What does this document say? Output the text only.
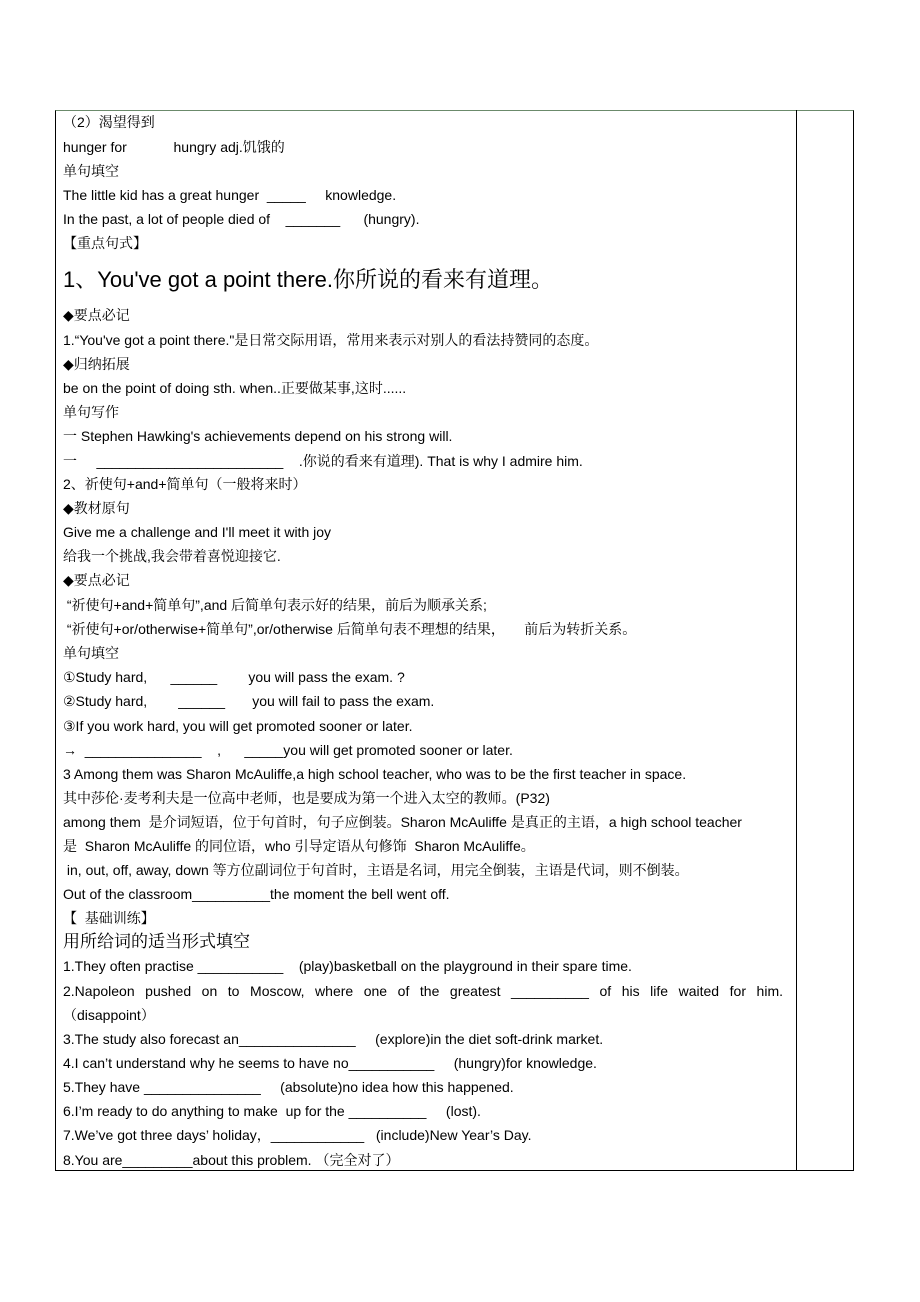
（2）渴望得到
hunger for            hungry adj.饥饿的
单句填空
The little kid has a great hunger  _____     knowledge.
In the past, a lot of people died of    _______      (hungry).
【重点句式】
1、You've got a point there.你所说的看来有道理。
◆要点必记
1.“You've got a point there."是日常交际用语，常用来表示对别人的看法持赞同的态度。
◆归纳拓展
be on the point of doing sth. when..正要做某事,这时......
单句写作
一 Stephen Hawking's achievements depend on his strong will.
一     ________________________    .你说的看来有道理). That is why I admire him.
2、祈使句+and+简单句（一般将来时）
◆教材原句
Give me a challenge and I'll meet it with joy
给我一个挑战,我会带着喜悦迎接它.
◆要点必记
“祈使句+and+简单句”,and 后简单句表示好的结果，前后为顺承关系;
“祈使句+or/otherwise+简单句”,or/otherwise 后简单句表不理想的结果，     前后为转折关系。
单句填空
①Study hard,      ______        you will pass the exam. ?
②Study hard,        ______       you will fail to pass the exam.
③If you work hard, you will get promoted sooner or later.
→  _______________    ,      _____you will get promoted sooner or later.
3 Among them was Sharon McAuliffe,a high school teacher, who was to be the first teacher in space.
其中莎伦·麦考利夫是一位高中老师，也是要成为第一个进入太空的教师。(P32)
among them  是介词短语，位于句首时，句子应倒装。Sharon McAuliffe 是真正的主语，a high school teacher
是  Sharon McAuliffe 的同位语，who 引导定语从句修饰  Sharon McAuliffe。
in, out, off, away, down 等方位副词位于句首时，主语是名词，用完全倒装，主语是代词，则不倒装。
Out of the classroom__________the moment the bell went off.
【  基础训练】
用所给词的适当形式填空
1.They often practise ___________    (play)basketball on the playground in their spare time.
2.Napoleon pushed on to Moscow, where one of the greatest __________ of his life waited for him.
（disappoint）
3.The study also forecast an_______________     (explore)in the diet soft-drink market.
4.I can’t understand why he seems to have no___________     (hungry)for knowledge.
5.They have _______________     (absolute)no idea how this happened.
6.I’m ready to do anything to make  up for the __________     (lost).
7.We’ve got three days’ holiday，____________   (include)New Year’s Day.
8.You are_________about this problem. （完全对了）
